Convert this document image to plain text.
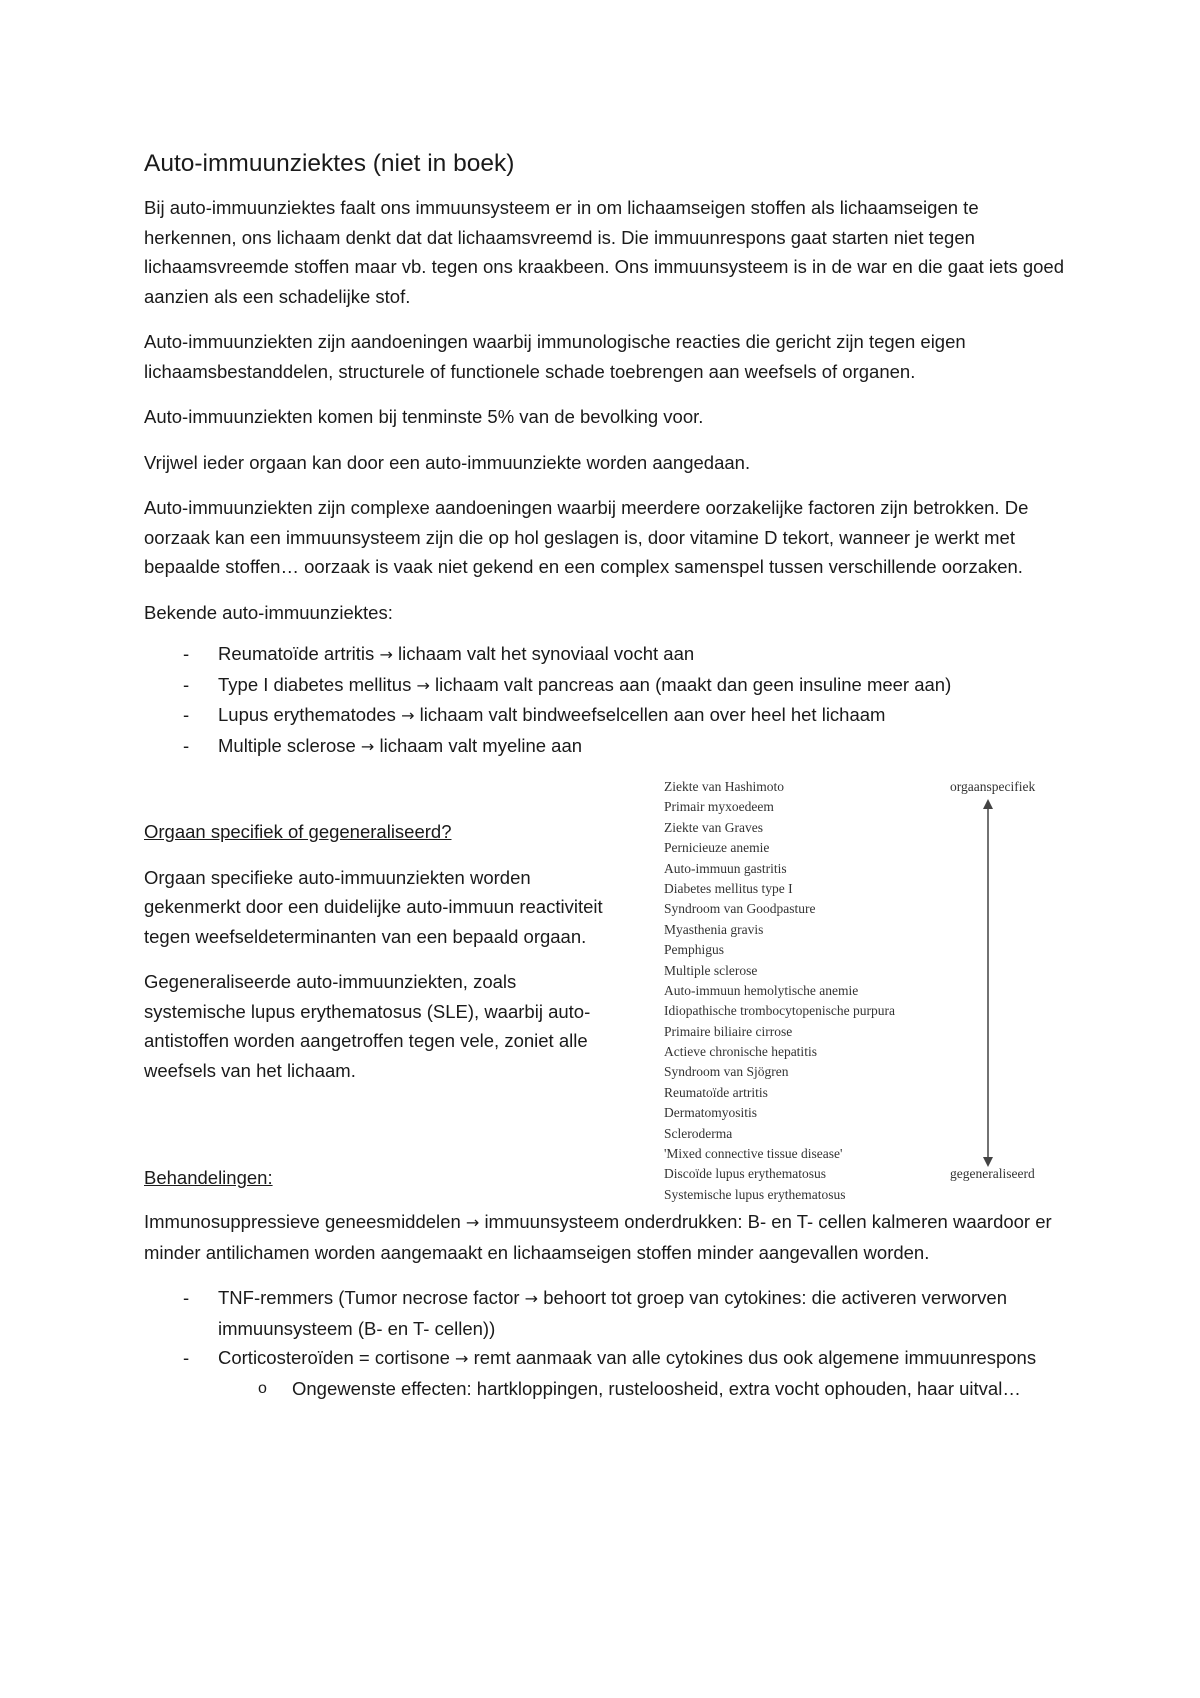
Auto-immuunziektes (niet in boek)

Bij auto-immuunziektes faalt ons immuunsysteem er in om lichaamseigen stoffen als lichaamseigen te herkennen, ons lichaam denkt dat dat lichaamsvreemd is. Die immuunrespons gaat starten niet tegen lichaamsvreemde stoffen maar vb. tegen ons kraakbeen. Ons immuunsysteem is in de war en die gaat iets goed aanzien als een schadelijke stof.

Auto-immuunziekten zijn aandoeningen waarbij immunologische reacties die gericht zijn tegen eigen lichaamsbestanddelen, structurele of functionele schade toebrengen aan weefsels of organen.

Auto-immuunziekten komen bij tenminste 5% van de bevolking voor.

Vrijwel ieder orgaan kan door een auto-immuunziekte worden aangedaan.

Auto-immuunziekten zijn complexe aandoeningen waarbij meerdere oorzakelijke factoren zijn betrokken. De oorzaak kan een immuunsysteem zijn die op hol geslagen is, door vitamine D tekort, wanneer je werkt met bepaalde stoffen… oorzaak is vaak niet gekend en een complex samenspel tussen verschillende oorzaken.

Bekende auto-immuunziektes:

- Reumatoïde artritis → lichaam valt het synoviaal vocht aan
- Type I diabetes mellitus → lichaam valt pancreas aan (maakt dan geen insuline meer aan)
- Lupus erythematodes → lichaam valt bindweefselcellen aan over heel het lichaam
- Multiple sclerose → lichaam valt myeline aan

Orgaan specifiek of gegeneraliseerd?

Orgaan specifieke auto-immuunziekten worden gekenmerkt door een duidelijke auto-immuun reactiviteit tegen weefseldeterminanten van een bepaald orgaan.

Gegeneraliseerde auto-immuunziekten, zoals systemische lupus erythematosus (SLE), waarbij auto-antistoffen worden aangetroffen tegen vele, zoniet alle weefsels van het lichaam.

Behandelingen:

Ziekte van Hashimoto
Primair myxoedeem
Ziekte van Graves
Pernicieuze anemie
Auto-immuun gastritis
Diabetes mellitus type I
Syndroom van Goodpasture
Myasthenia gravis
Pemphigus
Multiple sclerose
Auto-immuun hemolytische anemie
Idiopathische trombocytopenische purpura
Primaire biliaire cirrose
Actieve chronische hepatitis
Syndroom van Sjögren
Reumatoïde artritis
Dermatomyositis
Scleroderma
'Mixed connective tissue disease'
Discoïde lupus erythematosus
Systemische lupus erythematosus
orgaanspecifiek
gegeneraliseerd

Immunosuppressieve geneesmiddelen → immuunsysteem onderdrukken: B- en T- cellen kalmeren waardoor er minder antilichamen worden aangemaakt en lichaamseigen stoffen minder aangevallen worden.

- TNF-remmers (Tumor necrose factor → behoort tot groep van cytokines: die activeren verworven immuunsysteem (B- en T- cellen))
- Corticosteroïden = cortisone → remt aanmaak van alle cytokines dus ook algemene immuunrespons
o Ongewenste effecten: hartkloppingen, rusteloosheid, extra vocht ophouden, haar uitval…
